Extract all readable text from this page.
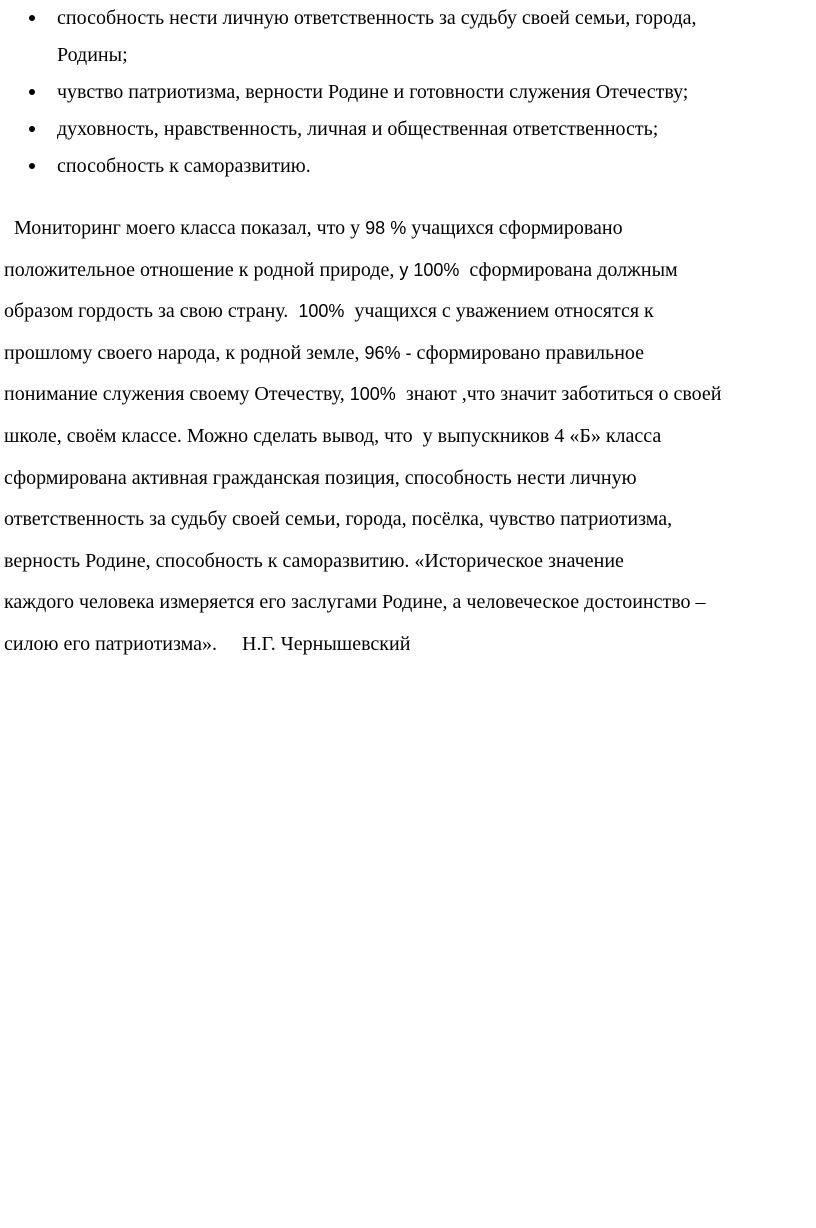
способность нести личную ответственность за судьбу своей семьи, города,
Родины;
чувство патриотизма, верности Родине и готовности служения Отечеству;
духовность, нравственность, личная и общественная ответственность;
способность к саморазвитию.

Мониторинг моего класса показал, что у 98 % учащихся сформировано
положительное отношение к родной природе, у 100%  сформирована должным
образом гордость за свою страну.  100%  учащихся с уважением относятся к
прошлому своего народа, к родной земле, 96% - сформировано правильное
понимание служения своему Отечеству, 100%  знают ,что значит заботиться о своей
школе, своём классе. Можно сделать вывод, что  у выпускников 4 «Б» класса
сформирована активная гражданская позиция, способность нести личную
ответственность за судьбу своей семьи, города, посёлка, чувство патриотизма,
верность Родине, способность к саморазвитию. «Историческое значение
каждого человека измеряется его заслугами Родине, а человеческое достоинство –
силою его патриотизма».     Н.Г. Чернышевский
